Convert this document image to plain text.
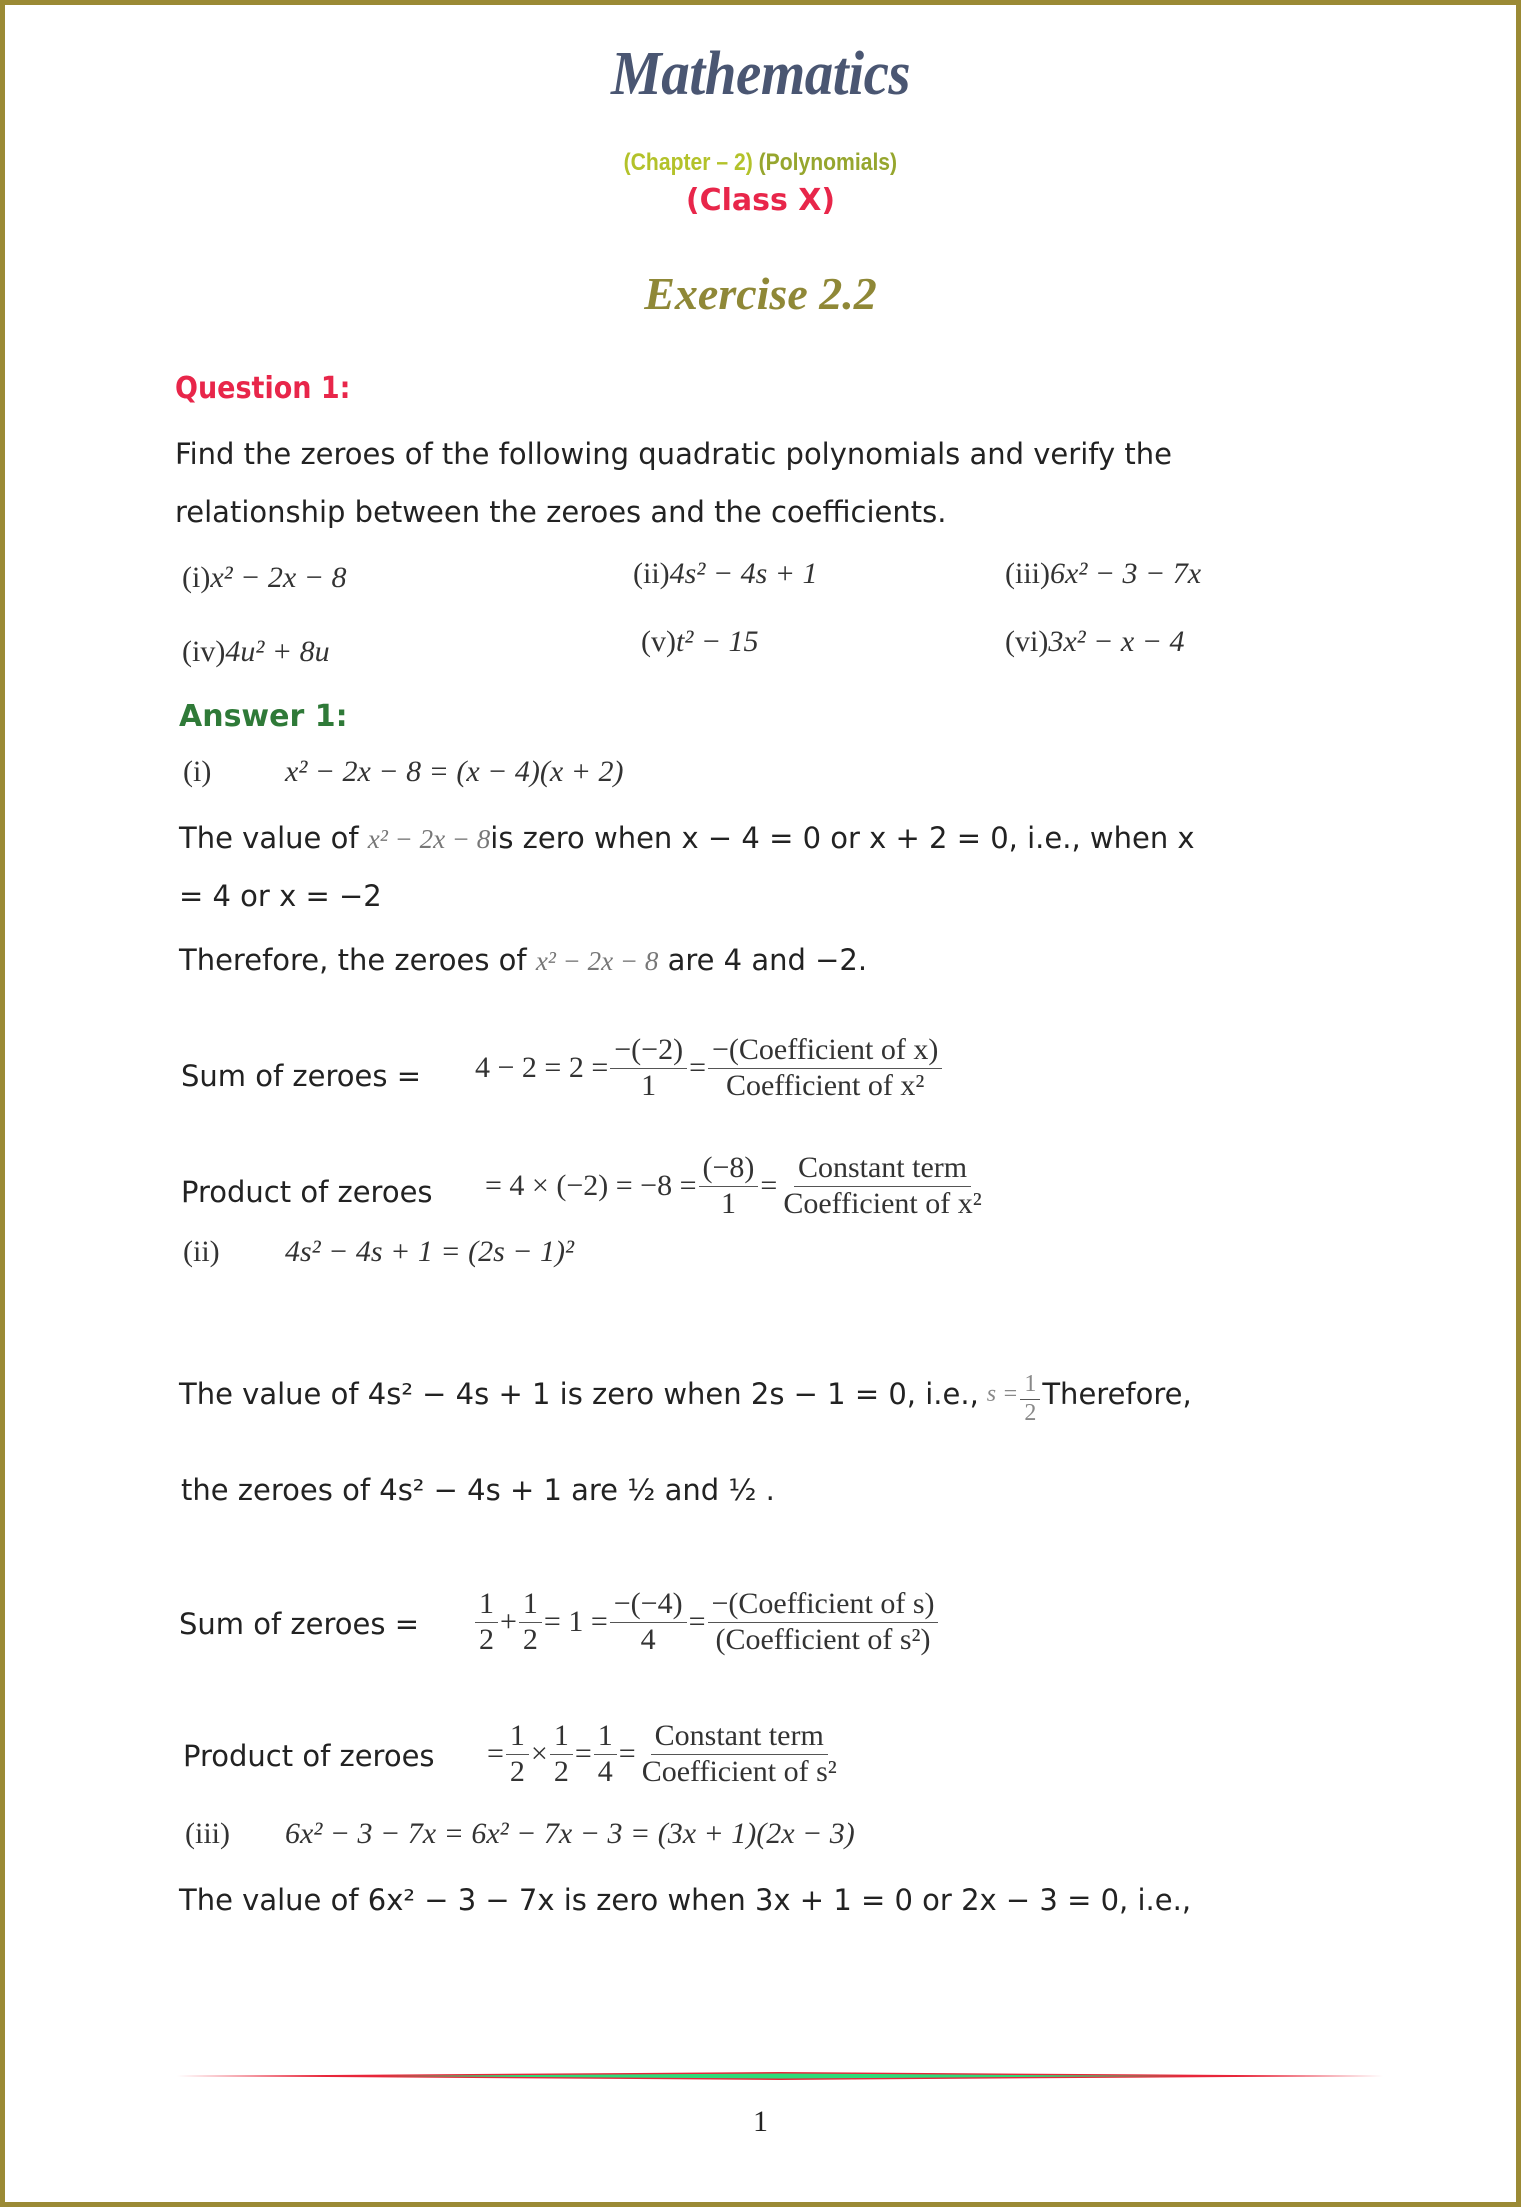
Mathematics
(Chapter – 2) (Polynomials)
(Class X)
Exercise 2.2
Question 1:
Find the zeroes of the following quadratic polynomials and verify the
relationship between the zeroes and the coefficients.
(i)x² − 2x − 8	(ii)4s² − 4s + 1	(iii)6x² − 3 − 7x
(iv)4u² + 8u	(v)t² − 15	(vi)3x² − x − 4
Answer 1:
(i) x² − 2x − 8 = (x − 4)(x + 2)
The value of x² − 2x − 8is zero when x − 4 = 0 or x + 2 = 0, i.e., when x
= 4 or x = −2
Therefore, the zeroes of x² − 2x − 8 are 4 and −2.
Sum of zeroes = $4 - 2 = 2 = \frac{-(-2)}{1} = \frac{\text{−(Coefficient of x)}}{\text{Coefficient of x²}}$
Product of zeroes = $4 \times (-2) = -8 = \frac{(-8)}{1} = \frac{\text{Constant term}}{\text{Coefficient of x²}}$
(ii) 4s² − 4s + 1 = (2s − 1)²
The value of 4s² − 4s + 1 is zero when 2s − 1 = 0, i.e., $s = \frac{1}{2}$ Therefore,
the zeroes of 4s² − 4s + 1 are ½ and ½ .
Sum of zeroes = $\frac{1}{2} + \frac{1}{2} = 1 = \frac{-(-4)}{4} = \frac{\text{−(Coefficient of s)}}{\text{(Coefficient of s²)}}$
Product of zeroes = $\frac{1}{2} \times \frac{1}{2} = \frac{1}{4} = \frac{\text{Constant term}}{\text{Coefficient of s²}}$
(iii) 6x² − 3 − 7x = 6x² − 7x − 3 = (3x + 1)(2x − 3)
The value of 6x² − 3 − 7x is zero when 3x + 1 = 0 or 2x − 3 = 0, i.e.,
1
